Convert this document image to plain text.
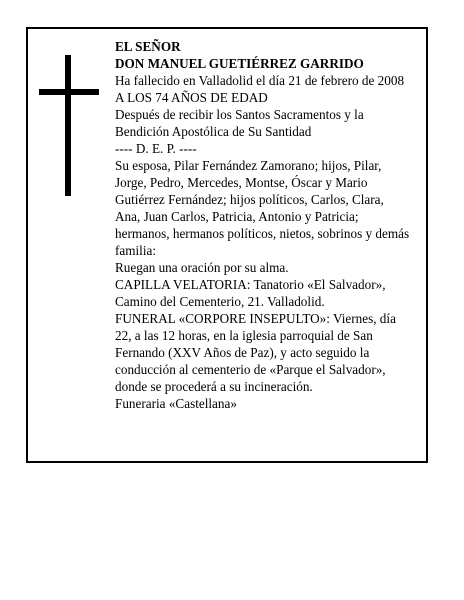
EL SEÑOR
DON MANUEL GUETIÉRREZ GARRIDO
Ha fallecido en Valladolid el día 21 de febrero de 2008
A LOS 74 AÑOS DE EDAD
Después de recibir los Santos Sacramentos y la
Bendición Apostólica de Su Santidad
---- D. E. P. ----
Su esposa, Pilar Fernández Zamorano; hijos, Pilar,
Jorge, Pedro, Mercedes, Montse, Óscar y Mario
Gutiérrez Fernández; hijos políticos, Carlos, Clara,
Ana, Juan Carlos, Patricia, Antonio y Patricia;
hermanos, hermanos políticos, nietos, sobrinos y demás
familia:
Ruegan una oración por su alma.
CAPILLA VELATORIA: Tanatorio «El Salvador»,
Camino del Cementerio, 21. Valladolid.
FUNERAL «CORPORE INSEPULTO»: Viernes, día
22, a las 12 horas, en la iglesia parroquial de San
Fernando (XXV Años de Paz), y acto seguido la
conducción al cementerio de «Parque el Salvador»,
donde se procederá a su incineración.
Funeraria «Castellana»
